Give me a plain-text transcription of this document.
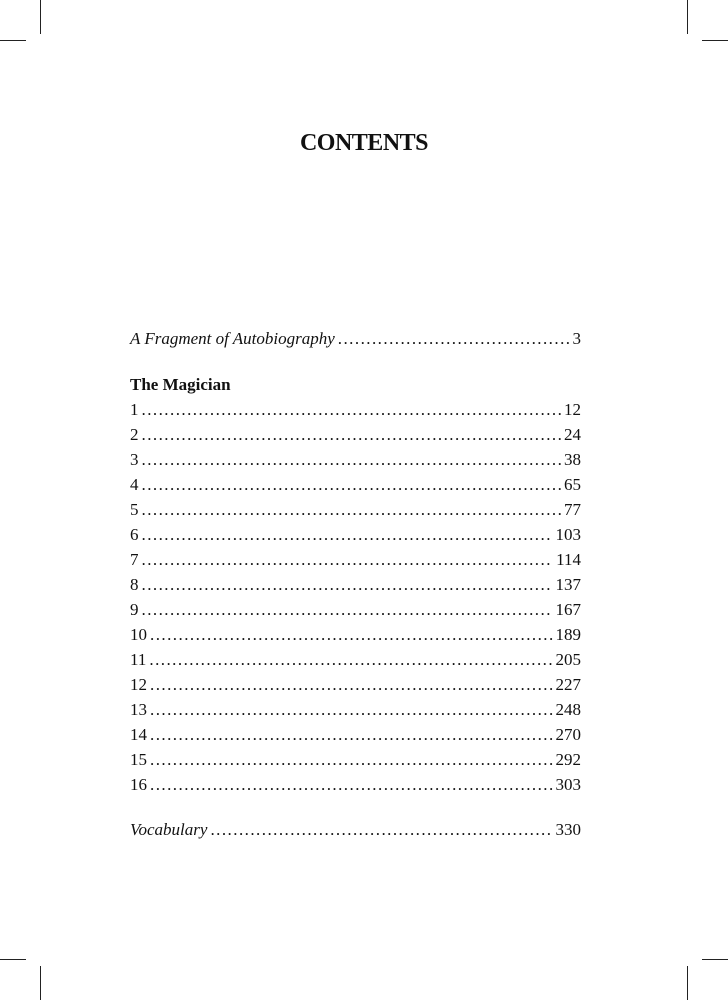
CONTENTS
A Fragment of Autobiography . . .	3
The Magician
1 . . .	12
2 . . .	24
3 . . .	38
4 . . .	65
5 . . .	77
6 . . .	103
7 . . .	114
8 . . .	137
9 . . .	167
10 . . .	189
11 . . .	205
12 . . .	227
13 . . .	248
14 . . .	270
15 . . .	292
16 . . .	303
Vocabulary . . .	330
